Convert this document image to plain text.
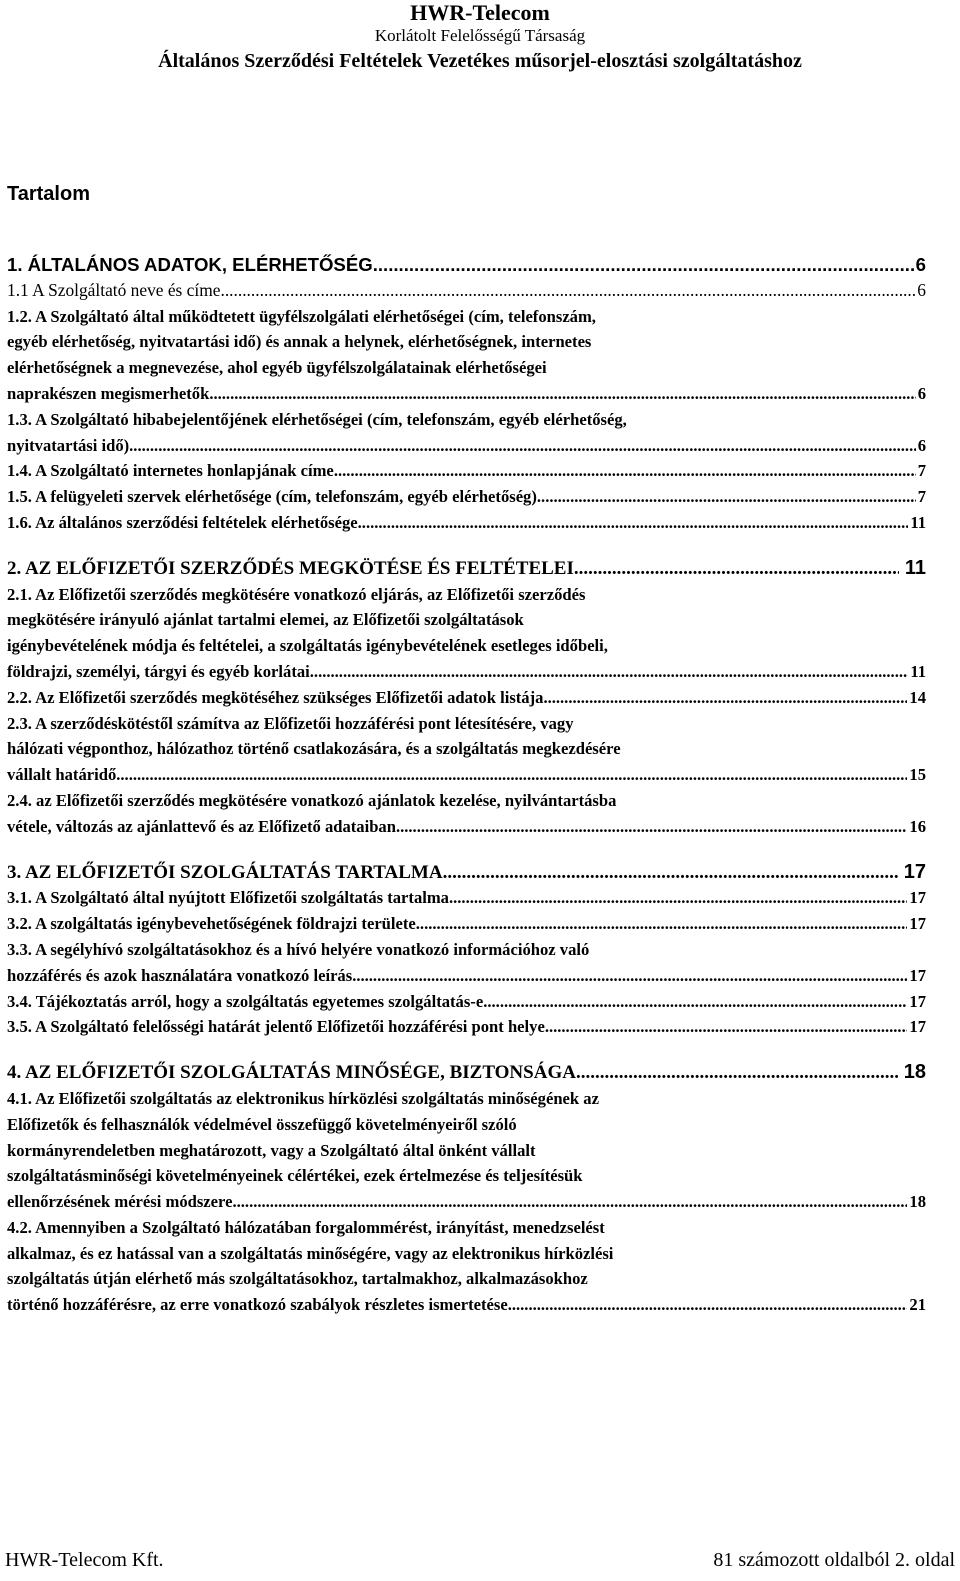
HWR-Telecom
Korlátolt Felelősségű Társaság
Általános Szerződési Feltételek Vezetékes műsorjel-elosztási szolgáltatáshoz
Tartalom
1. ÁLTALÁNOS ADATOK, ELÉRHETŐSÉG .....	6
1.1 A Szolgáltató neve és címe .....	6
1.2. A Szolgáltató által működtetett ügyfélszolgálati elérhetőségei (cím, telefonszám,
egyéb elérhetőség, nyitvatartási idő) és annak a helynek, elérhetőségnek, internetes
elérhetőségnek a megnevezése, ahol egyéb ügyfélszolgálatainak elérhetőségei
naprakészen megismerhetők .....	6
1.3. A Szolgáltató hibabejelentőjének elérhetőségei (cím, telefonszám, egyéb elérhetőség,
nyitvatartási idő) .....	6
1.4. A Szolgáltató internetes honlapjának címe .....	7
1.5. A felügyeleti szervek elérhetősége (cím, telefonszám, egyéb elérhetőség) .....	7
1.6. Az általános szerződési feltételek elérhetősége .....	11
2. AZ ELŐFIZETŐI SZERZŐDÉS MEGKÖTÉSE ÉS FELTÉTELEI .....	11
2.1. Az Előfizetői szerződés megkötésére vonatkozó eljárás, az Előfizetői szerződés
megkötésére irányuló ajánlat tartalmi elemei, az Előfizetői szolgáltatások
igénybevételének módja és feltételei, a szolgáltatás igénybevételének esetleges időbeli,
földrajzi, személyi, tárgyi és egyéb korlátai .....	11
2.2. Az Előfizetői szerződés megkötéséhez szükséges Előfizetői adatok listája .....	14
2.3. A szerződéskötéstől számítva az Előfizetői hozzáférési pont létesítésére, vagy
hálózati végponthoz, hálózathoz történő csatlakozására, és a szolgáltatás megkezdésére
vállalt határidő .....	15
2.4. az Előfizetői szerződés megkötésére vonatkozó ajánlatok kezelése, nyilvántartásba
vétele, változás az ajánlattevő és az Előfizető adataiban .....	16
3. AZ ELŐFIZETŐI SZOLGÁLTATÁS TARTALMA .....	17
3.1. A Szolgáltató által nyújtott Előfizetői szolgáltatás tartalma .....	17
3.2. A szolgáltatás igénybevehetőségének földrajzi területe .....	17
3.3. A segélyhívó szolgáltatásokhoz és a hívó helyére vonatkozó információhoz való
hozzáférés és azok használatára vonatkozó leírás .....	17
3.4. Tájékoztatás arról, hogy a szolgáltatás egyetemes szolgáltatás-e .....	17
3.5. A Szolgáltató felelősségi határát jelentő Előfizetői hozzáférési pont helye .....	17
4. AZ ELŐFIZETŐI SZOLGÁLTATÁS MINŐSÉGE, BIZTONSÁGA .....	18
4.1. Az Előfizetői szolgáltatás az elektronikus hírközlési szolgáltatás minőségének az
Előfizetők és felhasználók védelmével összefüggő követelményeiről szóló
kormányrendeletben meghatározott, vagy a Szolgáltató által önként vállalt
szolgáltatásminőségi követelményeinek célértékei, ezek értelmezése és teljesítésük
ellenőrzésének mérési módszere .....	18
4.2. Amennyiben a Szolgáltató hálózatában forgalommérést, irányítást, menedzselést
alkalmaz, és ez hatással van a szolgáltatás minőségére, vagy az elektronikus hírközlési
szolgáltatás útján elérhető más szolgáltatásokhoz, tartalmakhoz, alkalmazásokhoz
történő hozzáférésre, az erre vonatkozó szabályok részletes ismertetése .....	21
HWR-Telecom Kft.	81 számozott oldalból 2. oldal
